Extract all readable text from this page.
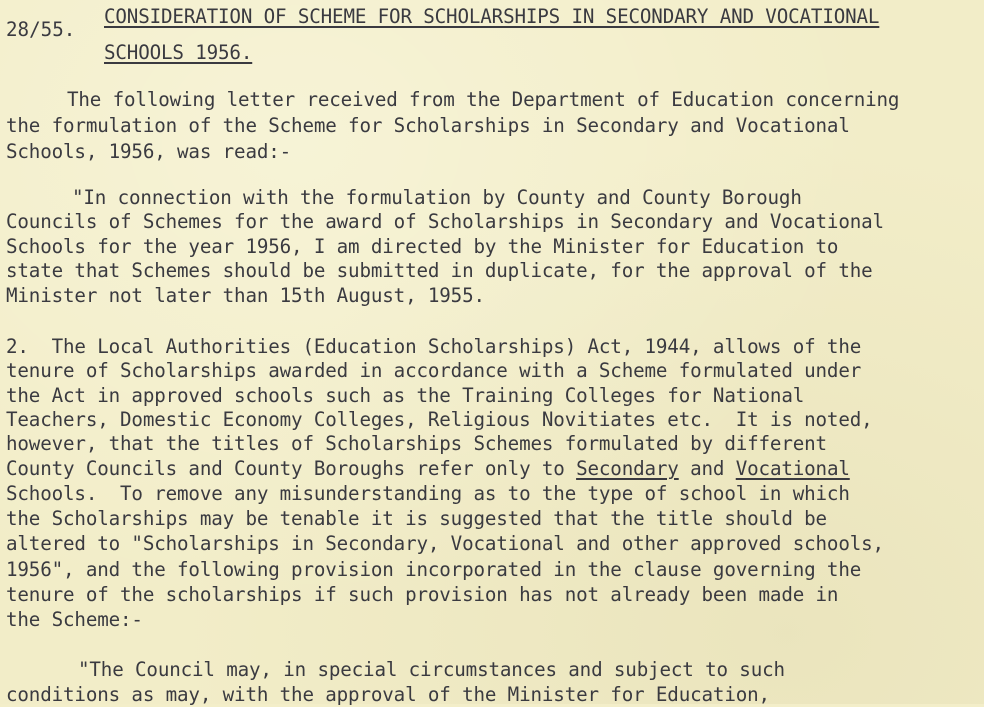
28/55.
CONSIDERATION OF SCHEME FOR SCHOLARSHIPS IN SECONDARY AND VOCATIONAL
SCHOOLS 1956.
The following letter received from the Department of Education concerning
the formulation of the Scheme for Scholarships in Secondary and Vocational
Schools, 1956, was read:-
"In connection with the formulation by County and County Borough
Councils of Schemes for the award of Scholarships in Secondary and Vocational
Schools for the year 1956, I am directed by the Minister for Education to
state that Schemes should be submitted in duplicate, for the approval of the
Minister not later than 15th August, 1955.
2.  The Local Authorities (Education Scholarships) Act, 1944, allows of the
tenure of Scholarships awarded in accordance with a Scheme formulated under
the Act in approved schools such as the Training Colleges for National
Teachers, Domestic Economy Colleges, Religious Novitiates etc.  It is noted,
however, that the titles of Scholarships Schemes formulated by different
County Councils and County Boroughs refer only to Secondary and Vocational
Schools.  To remove any misunderstanding as to the type of school in which
the Scholarships may be tenable it is suggested that the title should be
altered to "Scholarships in Secondary, Vocational and other approved schools,
1956", and the following provision incorporated in the clause governing the
tenure of the scholarships if such provision has not already been made in
the Scheme:-
"The Council may, in special circumstances and subject to such
conditions as may, with the approval of the Minister for Education,
